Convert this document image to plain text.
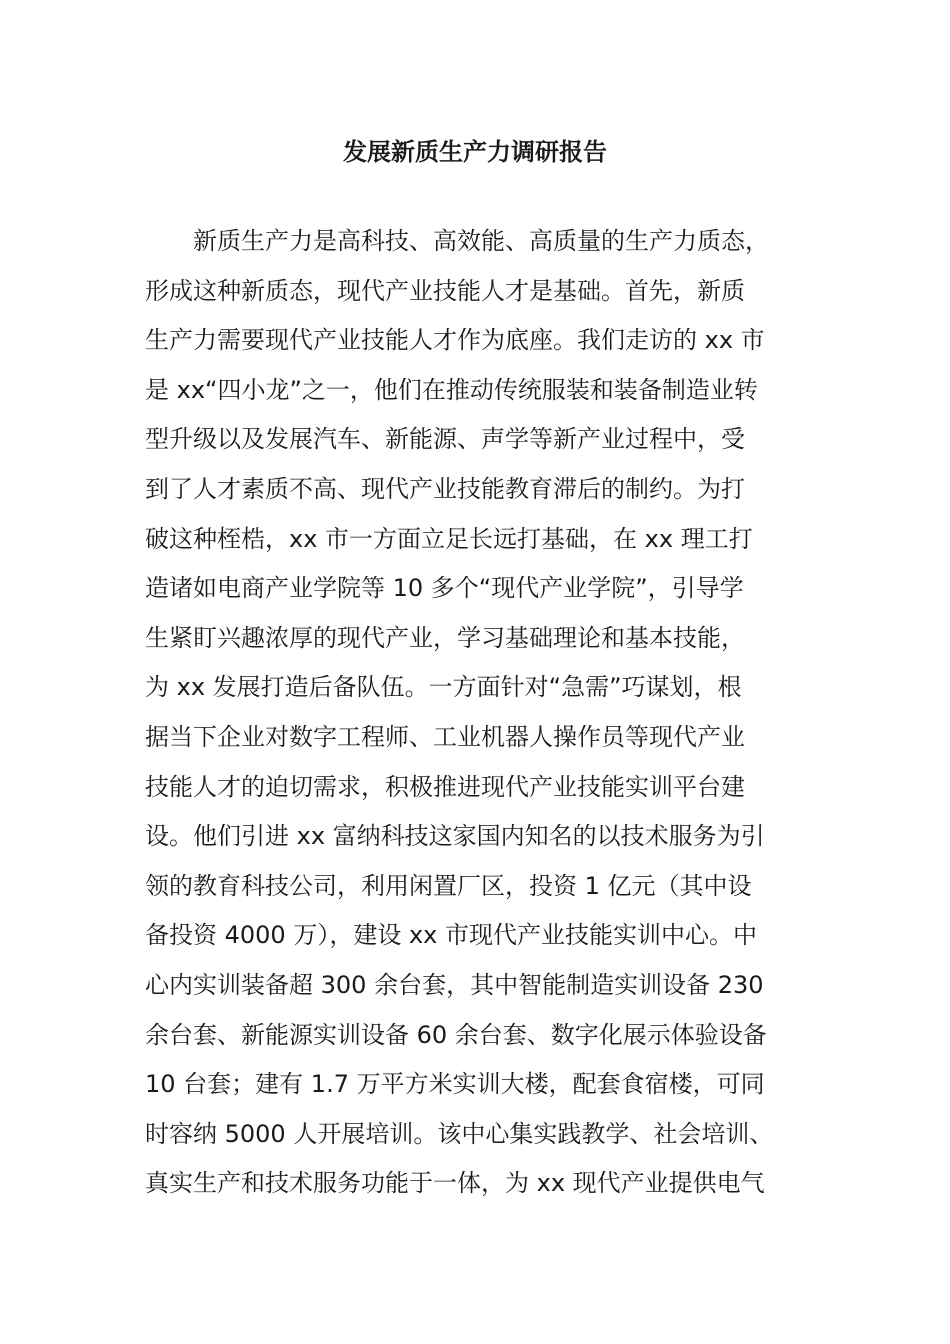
发展新质生产力调研报告
新质生产力是高科技、高效能、高质量的生产力质态，
形成这种新质态，现代产业技能人才是基础。首先，新质
生产力需要现代产业技能人才作为底座。我们走访的 xx 市
是 xx“四小龙”之一，他们在推动传统服装和装备制造业转
型升级以及发展汽车、新能源、声学等新产业过程中，受
到了人才素质不高、现代产业技能教育滞后的制约。为打
破这种桎梏，xx 市一方面立足长远打基础，在 xx 理工打
造诸如电商产业学院等 10 多个“现代产业学院”，引导学
生紧盯兴趣浓厚的现代产业，学习基础理论和基本技能，
为 xx 发展打造后备队伍。一方面针对“急需”巧谋划，根
据当下企业对数字工程师、工业机器人操作员等现代产业
技能人才的迫切需求，积极推进现代产业技能实训平台建
设。他们引进 xx 富纳科技这家国内知名的以技术服务为引
领的教育科技公司，利用闲置厂区，投资 1 亿元（其中设
备投资 4000 万），建设 xx 市现代产业技能实训中心。中
心内实训装备超 300 余台套，其中智能制造实训设备 230
余台套、新能源实训设备 60 余台套、数字化展示体验设备
10 台套；建有 1.7 万平方米实训大楼，配套食宿楼，可同
时容纳 5000 人开展培训。该中心集实践教学、社会培训、
真实生产和技术服务功能于一体，为 xx 现代产业提供电气
